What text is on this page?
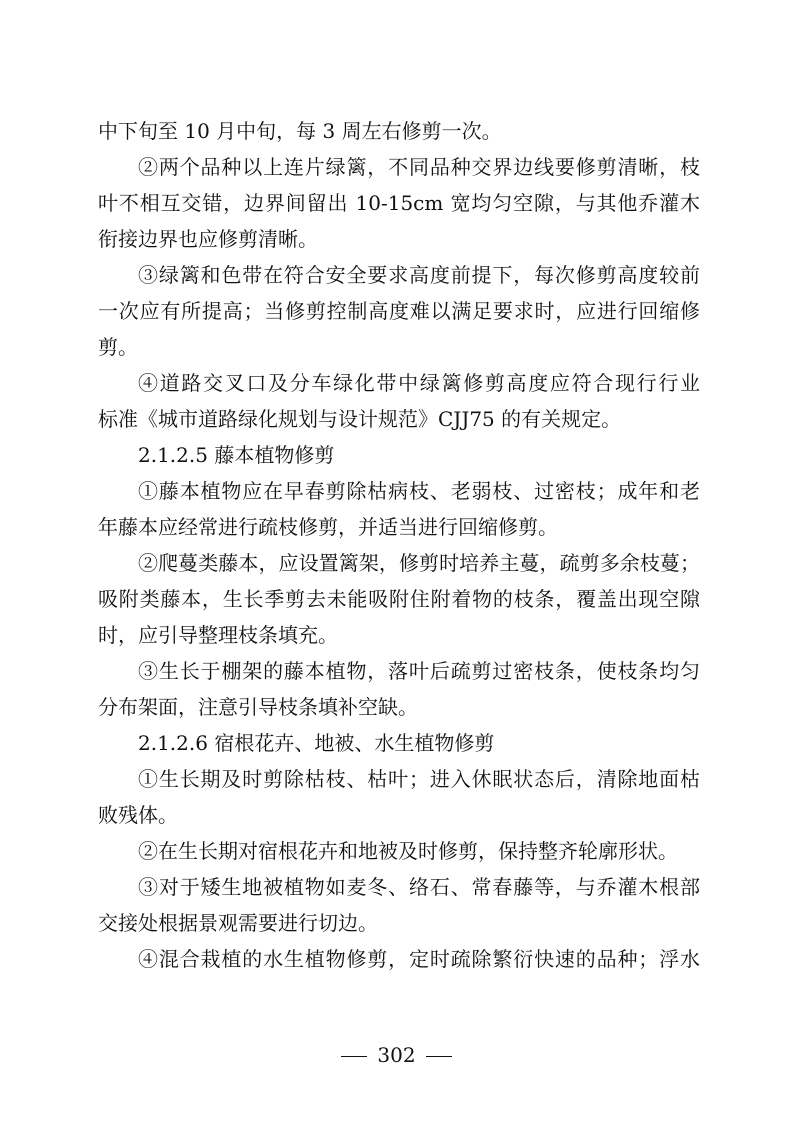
中下旬至 10 月中旬，每 3 周左右修剪一次。
②两个品种以上连片绿篱，不同品种交界边线要修剪清晰，枝
叶不相互交错，边界间留出 10-15cm 宽均匀空隙，与其他乔灌木
衔接边界也应修剪清晰。
③绿篱和色带在符合安全要求高度前提下，每次修剪高度较前
一次应有所提高；当修剪控制高度难以满足要求时，应进行回缩修
剪。
④道路交叉口及分车绿化带中绿篱修剪高度应符合现行行业
标准《城市道路绿化规划与设计规范》CJJ75 的有关规定。
2.1.2.5 藤本植物修剪
①藤本植物应在早春剪除枯病枝、老弱枝、过密枝；成年和老
年藤本应经常进行疏枝修剪，并适当进行回缩修剪。
②爬蔓类藤本，应设置篱架，修剪时培养主蔓，疏剪多余枝蔓；
吸附类藤本，生长季剪去未能吸附住附着物的枝条，覆盖出现空隙
时，应引导整理枝条填充。
③生长于棚架的藤本植物，落叶后疏剪过密枝条，使枝条均匀
分布架面，注意引导枝条填补空缺。
2.1.2.6 宿根花卉、地被、水生植物修剪
①生长期及时剪除枯枝、枯叶；进入休眠状态后，清除地面枯
败残体。
②在生长期对宿根花卉和地被及时修剪，保持整齐轮廓形状。
③对于矮生地被植物如麦冬、络石、常春藤等，与乔灌木根部
交接处根据景观需要进行切边。
④混合栽植的水生植物修剪，定时疏除繁衍快速的品种；浮水
302
